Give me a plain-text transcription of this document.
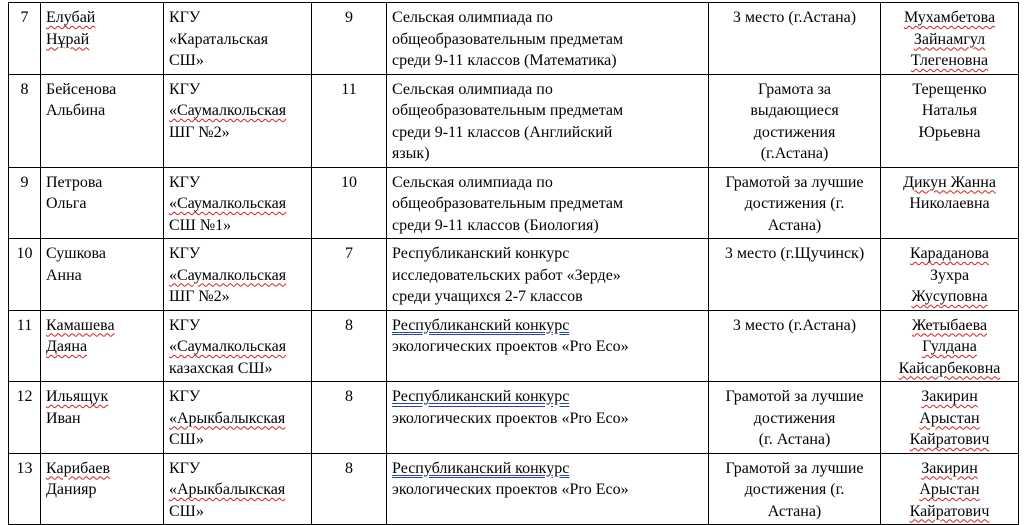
7	Елубай
Нұрай	КГУ
«Каратальская
СШ»	9	Сельская олимпиада по
общеобразовательным предметам
среди 9-11 классов (Математика)	3 место (г.Астана)	Мухамбетова
Зайнамгул
Тлегеновна

8	Бейсенова
Альбина	КГУ
«Саумалкольская
ШГ №2»	11	Сельская олимпиада по
общеобразовательным предметам
среди 9-11 классов (Английский
язык)	Грамота за
выдающиеся
достижения
(г.Астана)	Терещенко
Наталья
Юрьевна

9	Петрова
Ольга	КГУ
«Саумалкольская
СШ №1»	10	Сельская олимпиада по
общеобразовательным предметам
среди 9-11 классов (Биология)	Грамотой за лучшие
достижения (г.
Астана)	Дикун Жанна
Николаевна

10	Сушкова
Анна	КГУ
«Саумалкольская
ШГ №2»	7	Республиканский конкурс
исследовательских работ «Зерде»
среди учащихся 2-7 классов	3 место (г.Щучинск)	Караданова
Зухра
Жусуповна

11	Камашева
Даяна	КГУ
«Саумалкольская
казахская СШ»	8	Республиканский конкурс
экологических проектов «Pro Eco»	3 место (г.Астана)	Жетыбаева
Гулдана
Кайсарбековна

12	Ильящук
Иван	КГУ
«Арыкбалыкская
СШ»	8	Республиканский конкурс
экологических проектов «Pro Eco»	Грамотой за лучшие
достижения
(г. Астана)	Закирин
Арыстан
Кайратович

13	Карибаев
Данияр	КГУ
«Арыкбалыкская
СШ»	8	Республиканский конкурс
экологических проектов «Pro Eco»	Грамотой за лучшие
достижения (г.
Астана)	Закирин
Арыстан
Кайратович
